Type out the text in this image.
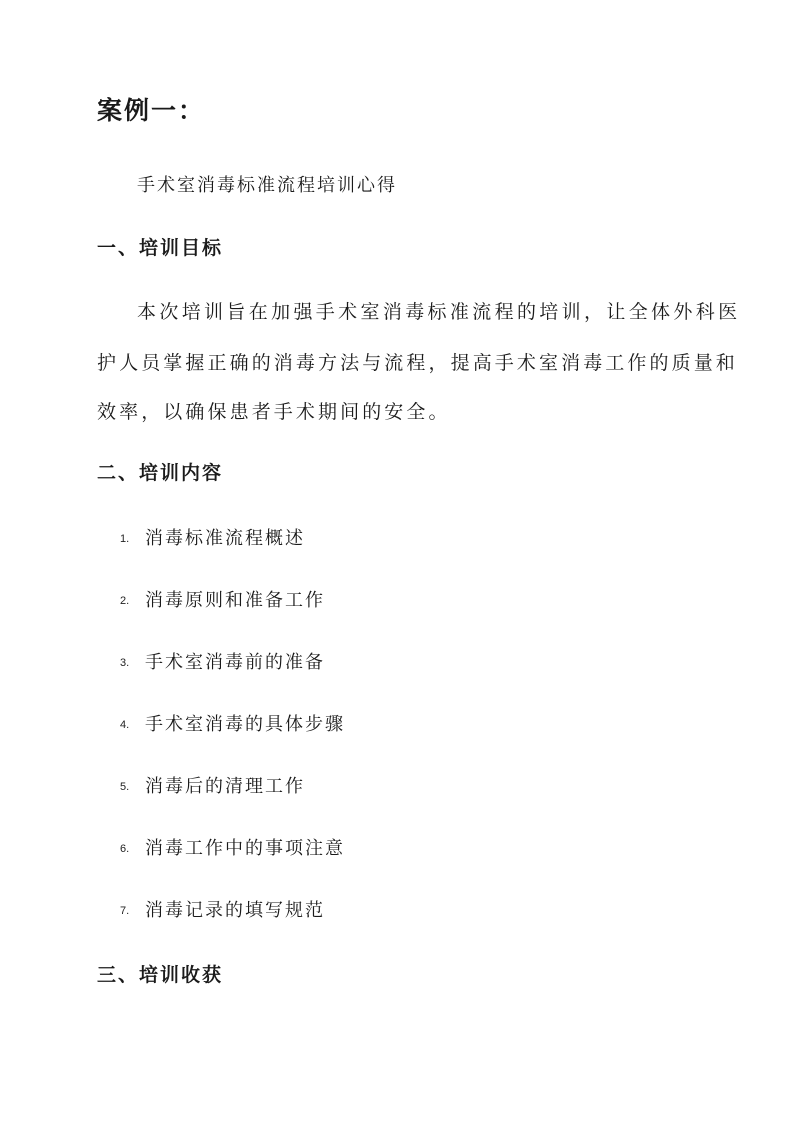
案例一：
手术室消毒标准流程培训心得
一、培训目标
本次培训旨在加强手术室消毒标准流程的培训，让全体外科医
护人员掌握正确的消毒方法与流程，提高手术室消毒工作的质量和
效率，以确保患者手术期间的安全。
二、培训内容
1. 消毒标准流程概述
2. 消毒原则和准备工作
3. 手术室消毒前的准备
4. 手术室消毒的具体步骤
5. 消毒后的清理工作
6. 消毒工作中的事项注意
7. 消毒记录的填写规范
三、培训收获
